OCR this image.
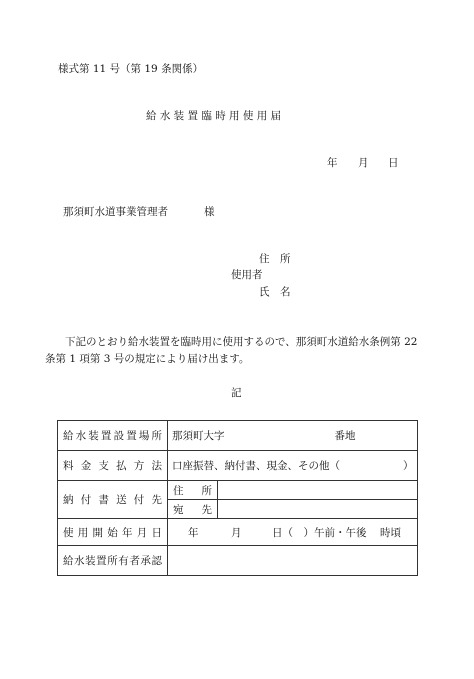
様式第 11 号（第 19 条関係）
給 水 装 置 臨 時 用 使 用 届
年 月 日
那須町水道事業管理者	様
住　所
使用者
氏　名
下記のとおり給水装置を臨時用に使用するので、那須町水道給水条例第 22 条第 1 項第 3 号の規定により届け出ます。
記
給水装置設置場所	那須町大字 番地	

料金支払方法	口座振替、納付書、現金、その他（　　　　　　）	
納付書送付先	住　所	
	宛　先	
使用開始年月日	年 月 日（　）午前・午後 時頃	

給水装置所有者承認		
